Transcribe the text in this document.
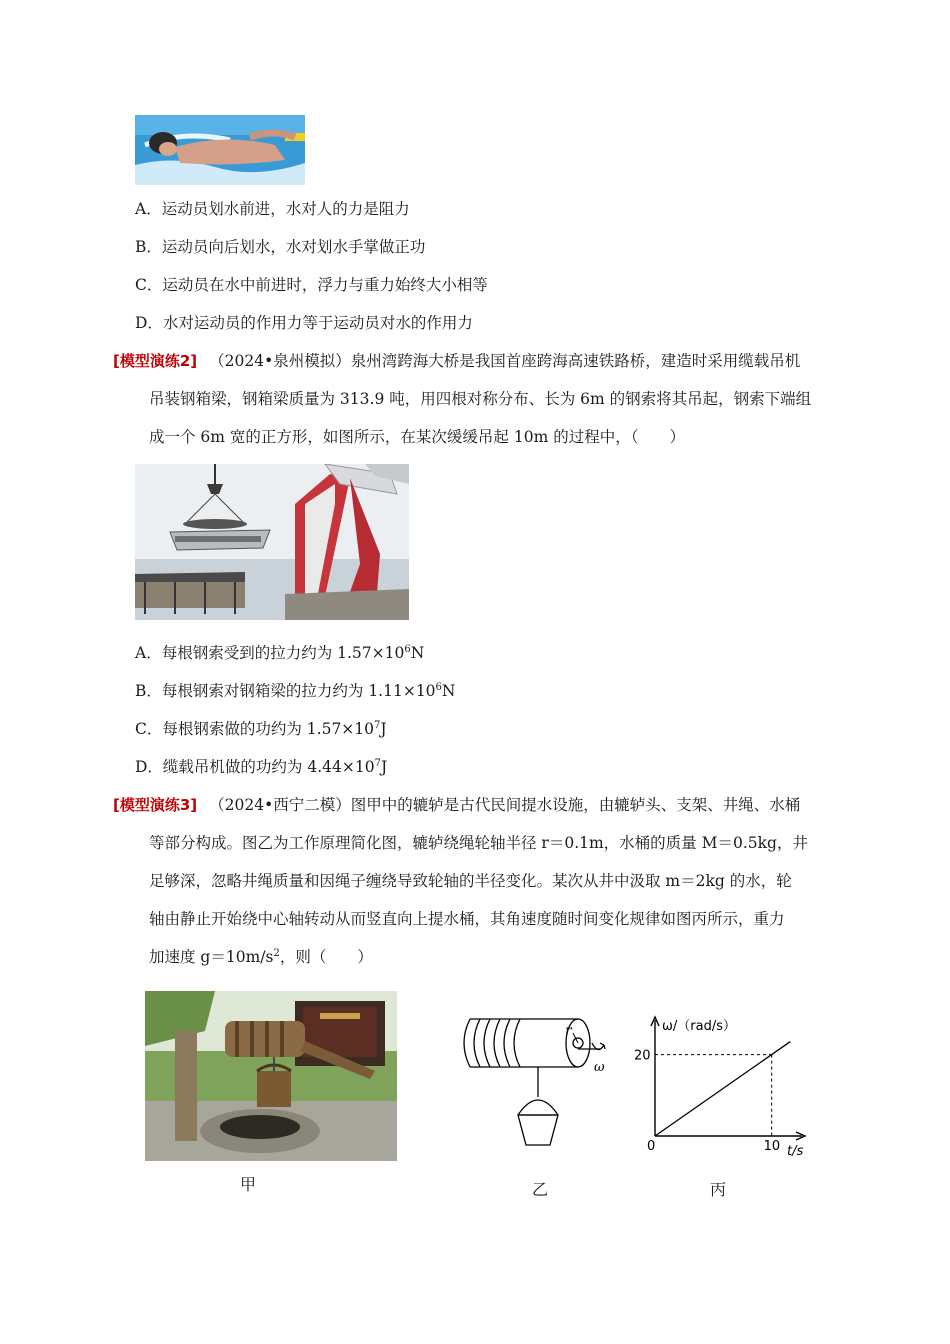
A．运动员划水前进，水对人的力是阻力
B．运动员向后划水，水对划水手掌做正功
C．运动员在水中前进时，浮力与重力始终大小相等
D．水对运动员的作用力等于运动员对水的作用力
[模型演练2] （2024•泉州模拟）泉州湾跨海大桥是我国首座跨海高速铁路桥，建造时采用缆载吊机
吊装钢箱梁，钢箱梁质量为 313.9 吨，用四根对称分布、长为 6m 的钢索将其吊起，钢索下端组
成一个 6m 宽的正方形，如图所示，在某次缓缓吊起 10m 的过程中，（　　）
A．每根钢索受到的拉力约为 $1.57\times 10^6N$
B．每根钢索对钢箱梁的拉力约为 $1.11\times 10^6N$
C．每根钢索做的功约为 $1.57\times 10^7J$
D．缆载吊机做的功约为 $4.44\times 10^7J$
[模型演练3] （2024•西宁二模）图甲中的辘轳是古代民间提水设施，由辘轳头、支架、井绳、水桶
等部分构成。图乙为工作原理简化图，辘轳绕绳轮轴半径 r＝0.1m，水桶的质量 M＝0.5kg，井
足够深，忽略井绳质量和因绳子缠绕导致轮轴的半径变化。某次从井中汲取 m＝2kg 的水，轮
轴由静止开始绕中心轴转动从而竖直向上提水桶，其角速度随时间变化规律如图丙所示，重力
加速度 $g=10m/s^2$，则（　　）
甲
r
ω
乙
ω/（rad/s）
t/s
0	10
20
丙
